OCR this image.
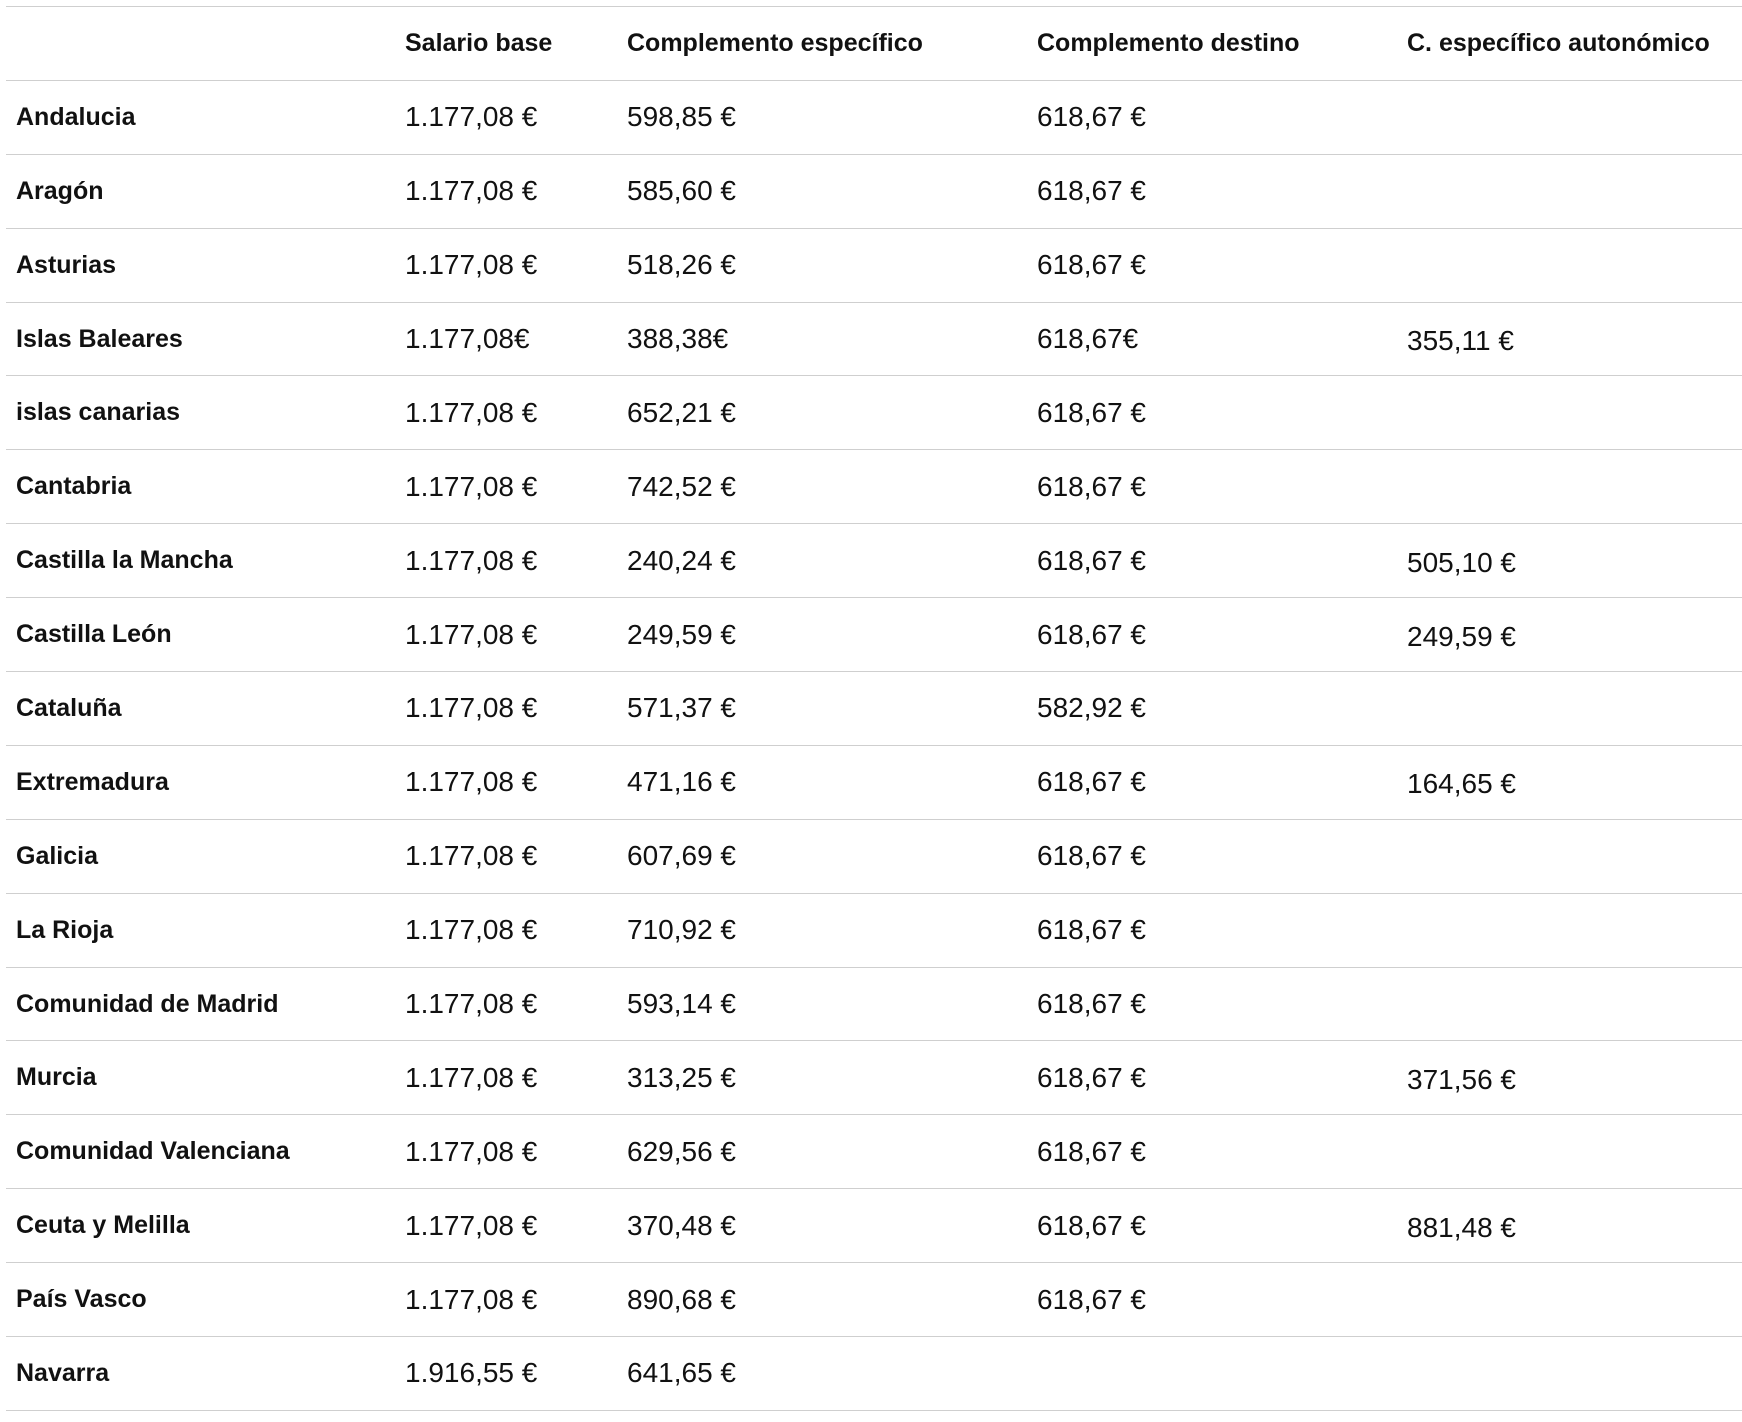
	Salario base	Complemento específico	Complemento destino	C. específico autonómico
Andalucia	1.177,08 €	598,85 €	618,67 €	
Aragón	1.177,08 €	585,60 €	618,67 €	
Asturias	1.177,08 €	518,26 €	618,67 €	
Islas Baleares	1.177,08€	388,38€	618,67€	355,11 €
islas canarias	1.177,08 €	652,21 €	618,67 €	
Cantabria	1.177,08 €	742,52 €	618,67 €	
Castilla la Mancha	1.177,08 €	240,24 €	618,67 €	505,10 €
Castilla León	1.177,08 €	249,59 €	618,67 €	249,59 €
Cataluña	1.177,08 €	571,37 €	582,92 €	
Extremadura	1.177,08 €	471,16 €	618,67 €	164,65 €
Galicia	1.177,08 €	607,69 €	618,67 €	
La Rioja	1.177,08 €	710,92 €	618,67 €	
Comunidad de Madrid	1.177,08 €	593,14 €	618,67 €	
Murcia	1.177,08 €	313,25 €	618,67 €	371,56 €
Comunidad Valenciana	1.177,08 €	629,56 €	618,67 €	
Ceuta y Melilla	1.177,08 €	370,48 €	618,67 €	881,48 €
País Vasco	1.177,08 €	890,68 €	618,67 €	
Navarra	1.916,55 €	641,65 €		
